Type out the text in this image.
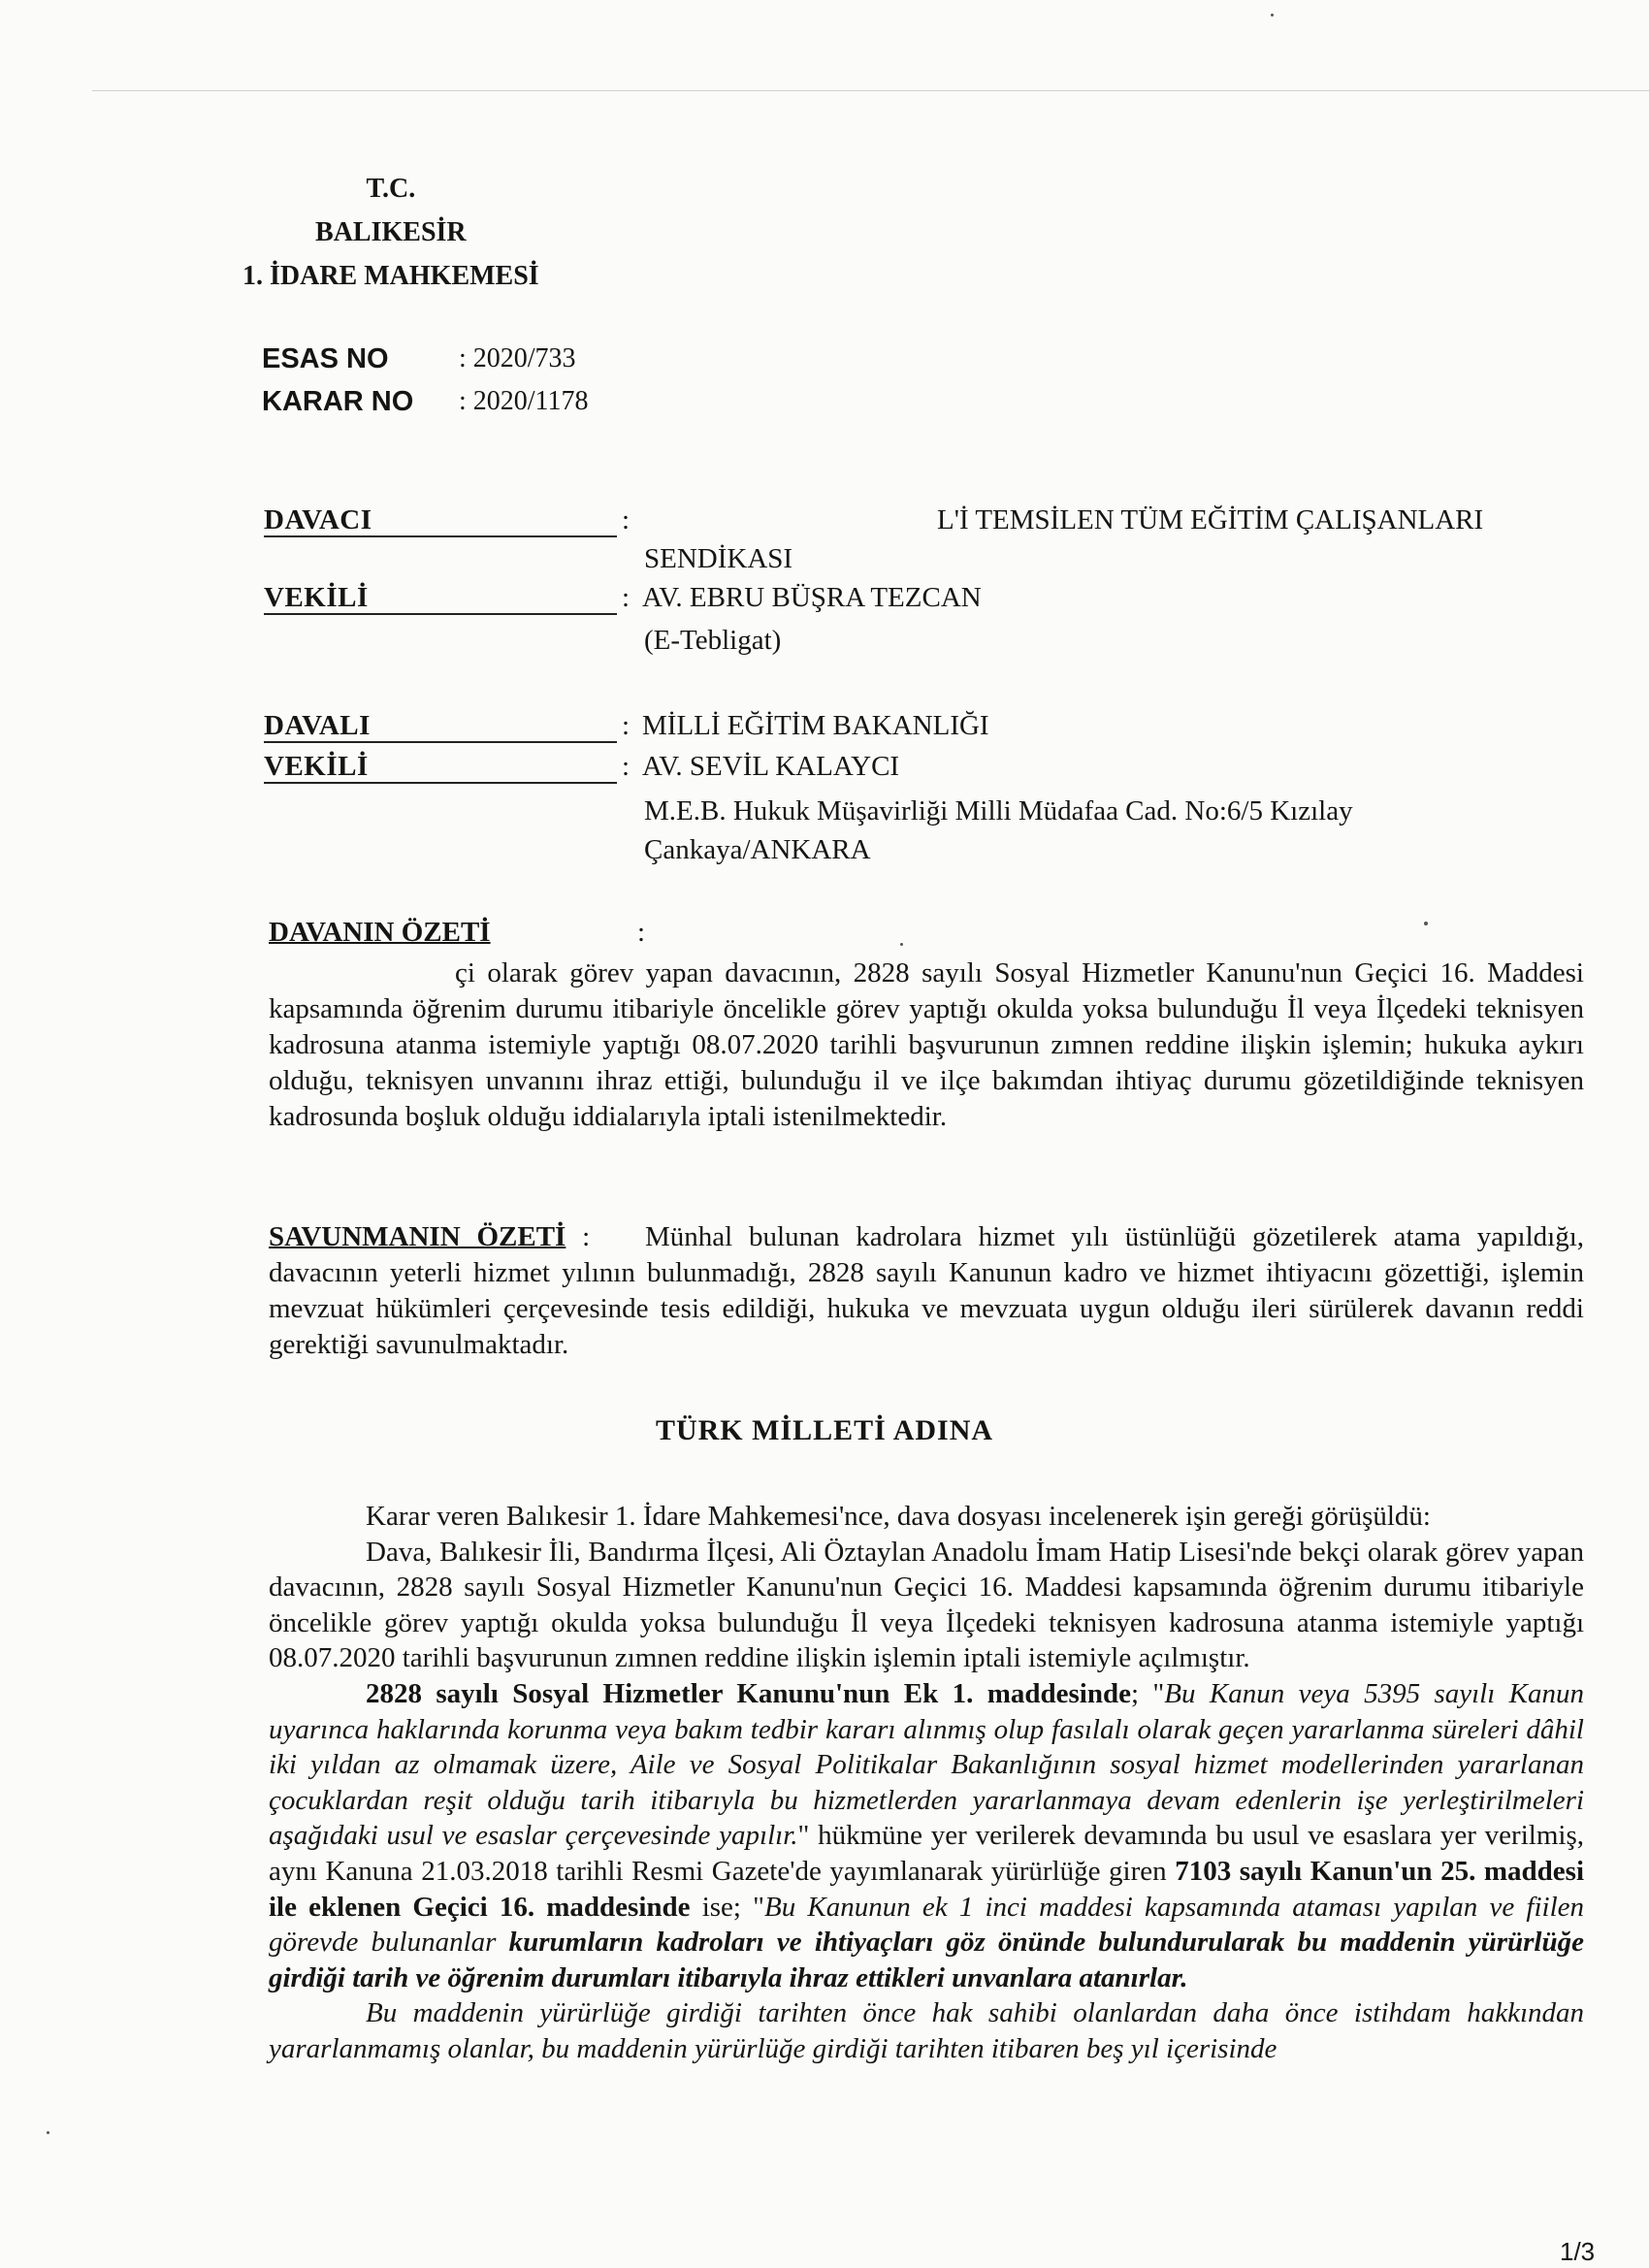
T.C.
BALIKESİR
1. İDARE MAHKEMESİ
ESAS NO	: 2020/733
KARAR NO	: 2020/1178
DAVACI	:	L'İ TEMSİLEN TÜM EĞİTİM ÇALIŞANLARI
SENDİKASI
VEKİLİ	: AV. EBRU BÜŞRA TEZCAN
(E-Tebligat)
DAVALI	: MİLLİ EĞİTİM BAKANLIĞI
VEKİLİ	: AV. SEVİL KALAYCI
M.E.B. Hukuk Müşavirliği Milli Müdafaa Cad. No:6/5 Kızılay
Çankaya/ANKARA
DAVANIN ÖZETİ	:
çi olarak görev yapan davacının, 2828 sayılı Sosyal Hizmetler Kanunu'nun Geçici 16. Maddesi kapsamında öğrenim durumu itibariyle öncelikle görev yaptığı okulda yoksa bulunduğu İl veya İlçedeki teknisyen kadrosuna atanma istemiyle yaptığı 08.07.2020 tarihli başvurunun zımnen reddine ilişkin işlemin; hukuka aykırı olduğu, teknisyen unvanını ihraz ettiği, bulunduğu il ve ilçe bakımdan ihtiyaç durumu gözetildiğinde teknisyen kadrosunda boşluk olduğu iddialarıyla iptali istenilmektedir.
SAVUNMANIN ÖZETİ : Münhal bulunan kadrolara hizmet yılı üstünlüğü gözetilerek atama yapıldığı, davacının yeterli hizmet yılının bulunmadığı, 2828 sayılı Kanunun kadro ve hizmet ihtiyacını gözettiği, işlemin mevzuat hükümleri çerçevesinde tesis edildiği, hukuka ve mevzuata uygun olduğu ileri sürülerek davanın reddi gerektiği savunulmaktadır.
TÜRK MİLLETİ ADINA

Karar veren Balıkesir 1. İdare Mahkemesi'nce, dava dosyası incelenerek işin gereği görüşüldü:

Dava, Balıkesir İli, Bandırma İlçesi, Ali Öztaylan Anadolu İmam Hatip Lisesi'nde bekçi olarak görev yapan davacının, 2828 sayılı Sosyal Hizmetler Kanunu'nun Geçici 16. Maddesi kapsamında öğrenim durumu itibariyle öncelikle görev yaptığı okulda yoksa bulunduğu İl veya İlçedeki teknisyen kadrosuna atanma istemiyle yaptığı 08.07.2020 tarihli başvurunun zımnen reddine ilişkin işlemin iptali istemiyle açılmıştır.

2828 sayılı Sosyal Hizmetler Kanunu'nun Ek 1. maddesinde; "Bu Kanun veya 5395 sayılı Kanun uyarınca haklarında korunma veya bakım tedbir kararı alınmış olup fasılalı olarak geçen yararlanma süreleri dâhil iki yıldan az olmamak üzere, Aile ve Sosyal Politikalar Bakanlığının sosyal hizmet modellerinden yararlanan çocuklardan reşit olduğu tarih itibarıyla bu hizmetlerden yararlanmaya devam edenlerin işe yerleştirilmeleri aşağıdaki usul ve esaslar çerçevesinde yapılır." hükmüne yer verilerek devamında bu usul ve esaslara yer verilmiş, aynı Kanuna 21.03.2018 tarihli Resmi Gazete'de yayımlanarak yürürlüğe giren 7103 sayılı Kanun'un 25. maddesi ile eklenen Geçici 16. maddesinde ise; "Bu Kanunun ek 1 inci maddesi kapsamında ataması yapılan ve fiilen görevde bulunanlar kurumların kadroları ve ihtiyaçları göz önünde bulundurularak bu maddenin yürürlüğe girdiği tarih ve öğrenim durumları itibarıyla ihraz ettikleri unvanlara atanırlar.

Bu maddenin yürürlüğe girdiği tarihten önce hak sahibi olanlardan daha önce istihdam hakkından yararlanmamış olanlar, bu maddenin yürürlüğe girdiği tarihten itibaren beş yıl içerisinde

1/3
